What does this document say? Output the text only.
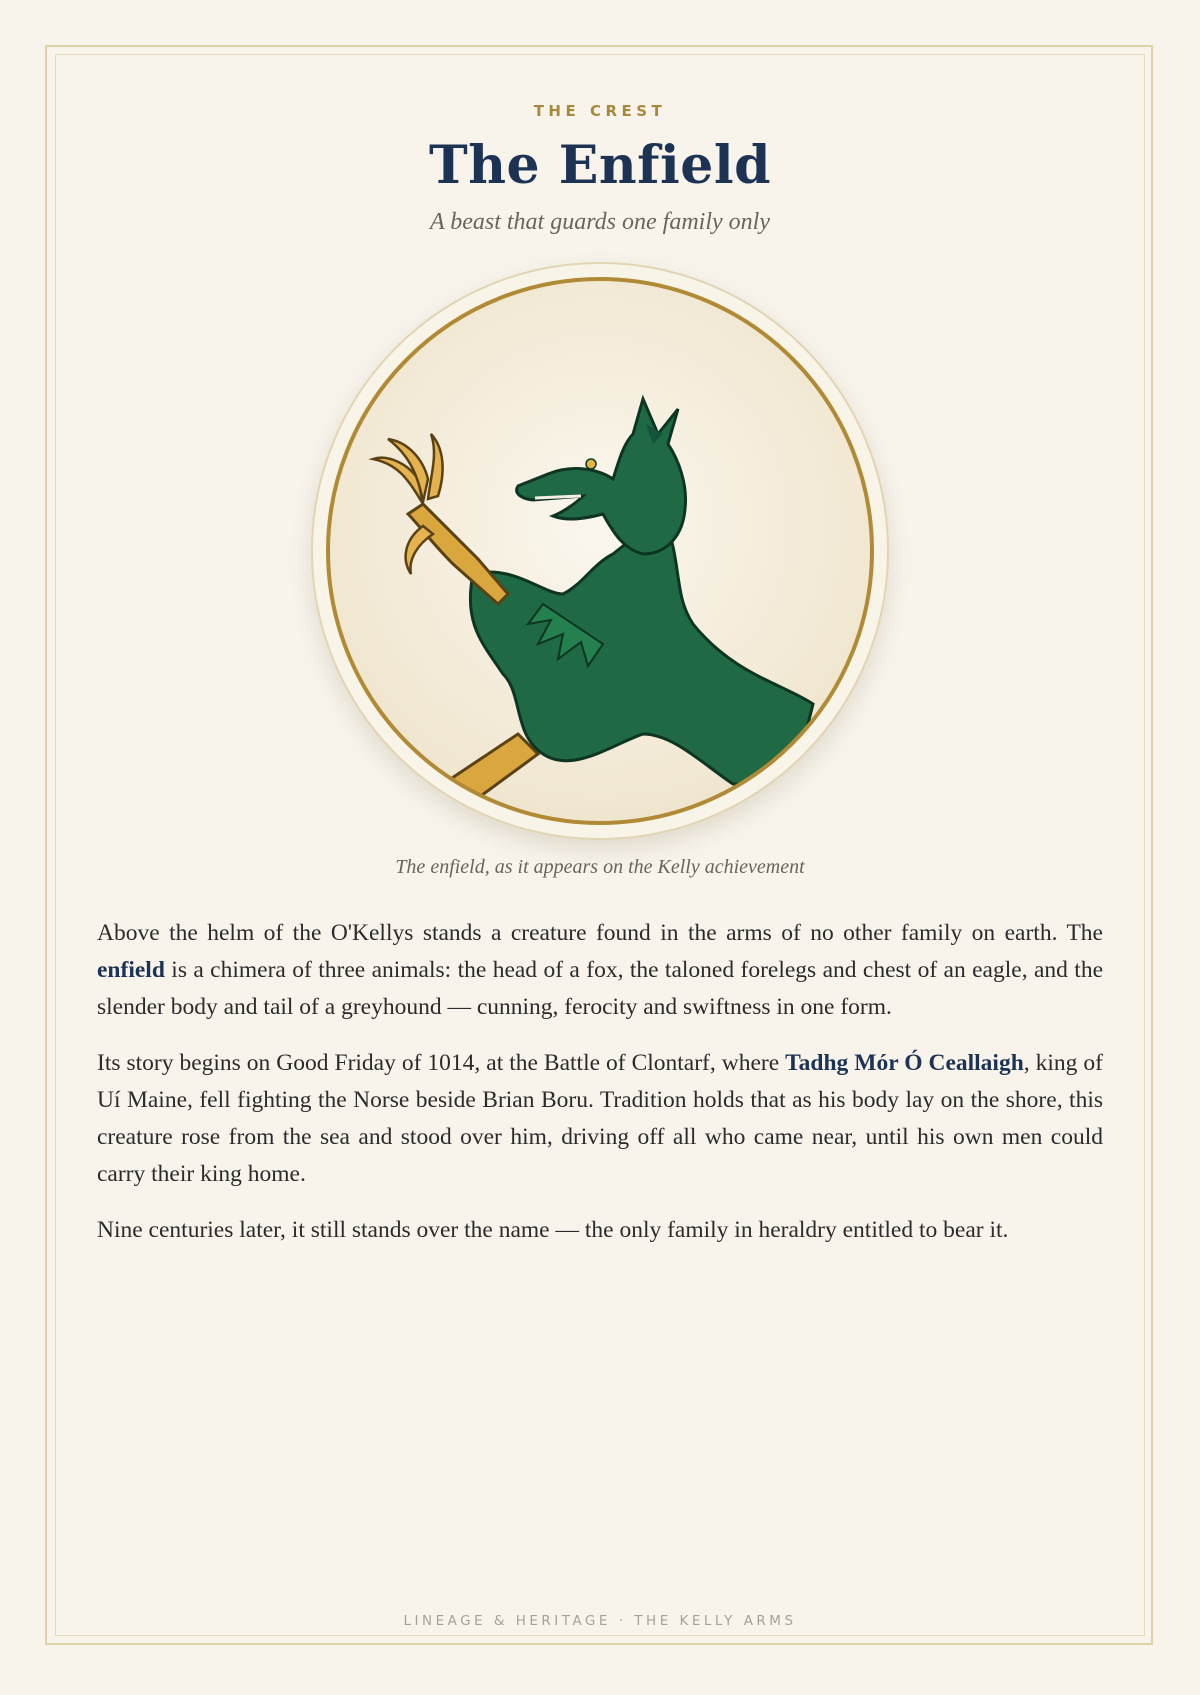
THE CREST
The Enfield
A beast that guards one family only
The enfield, as it appears on the Kelly achievement

Above the helm of the O'Kellys stands a creature found in the arms of no other family on earth. The enfield is a chimera of three animals: the head of a fox, the taloned forelegs and chest of an eagle, and the slender body and tail of a greyhound — cunning, ferocity and swiftness in one form.

Its story begins on Good Friday of 1014, at the Battle of Clontarf, where Tadhg Mór Ó Ceallaigh, king of Uí Maine, fell fighting the Norse beside Brian Boru. Tradition holds that as his body lay on the shore, this creature rose from the sea and stood over him, driving off all who came near, until his own men could carry their king home.

Nine centuries later, it still stands over the name — the only family in heraldry entitled to bear it.

LINEAGE & HERITAGE · THE KELLY ARMS
